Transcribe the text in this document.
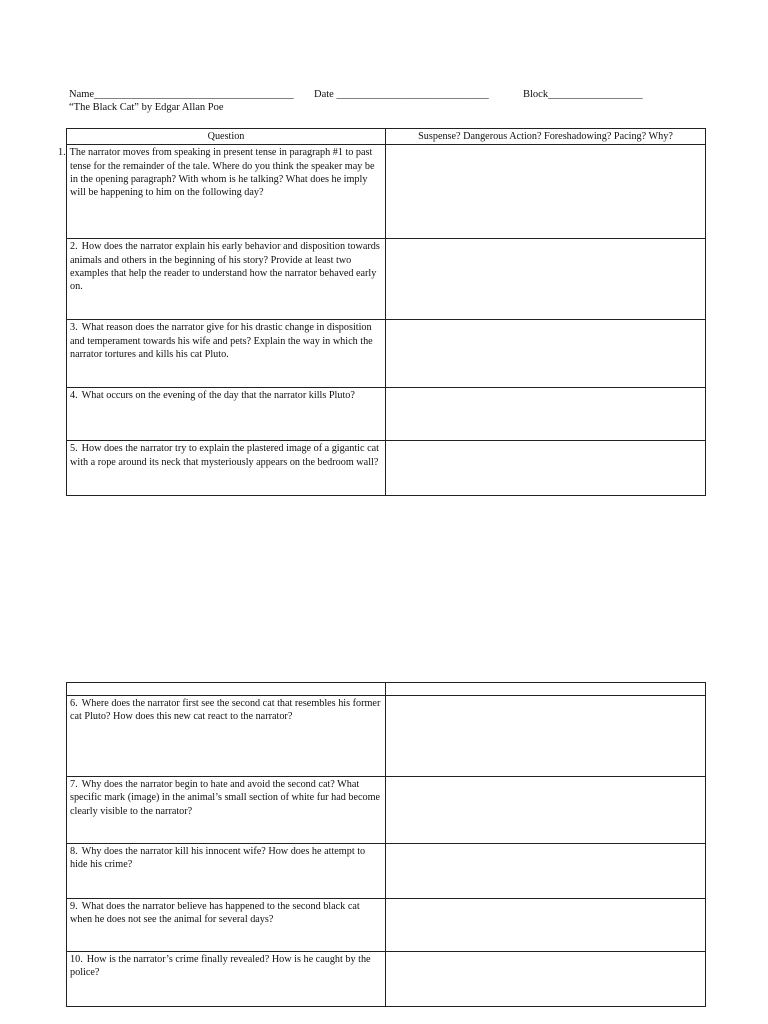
Name______________________________________ Date _____________________________	Block__________________
“The Black Cat” by Edgar Allan Poe
Question	Suspense? Dangerous Action? Foreshadowing? Pacing? Why?
1. The narrator moves from speaking in present tense in paragraph #1 to past tense for the remainder of the tale. Where do you think the speaker may be in the opening paragraph? With whom is he talking? What does he imply will be happening to him on the following day?	
2. How does the narrator explain his early behavior and disposition towards animals and others in the beginning of his story? Provide at least two examples that help the reader to understand how the narrator behaved early on.	
3. What reason does the narrator give for his drastic change in disposition and temperament towards his wife and pets? Explain the way in which the narrator tortures and kills his cat Pluto.	
4. What occurs on the evening of the day that the narrator kills Pluto?	
5. How does the narrator try to explain the plastered image of a gigantic cat with a rope around its neck that mysteriously appears on the bedroom wall?	

6. Where does the narrator first see the second cat that resembles his former cat Pluto? How does this new cat react to the narrator?	
7. Why does the narrator begin to hate and avoid the second cat? What specific mark (image) in the animal’s small section of white fur had become clearly visible to the narrator?	
8. Why does the narrator kill his innocent wife? How does he attempt to hide his crime?	
9. What does the narrator believe has happened to the second black cat when he does not see the animal for several days?	
10. How is the narrator’s crime finally revealed? How is he caught by the police?	
